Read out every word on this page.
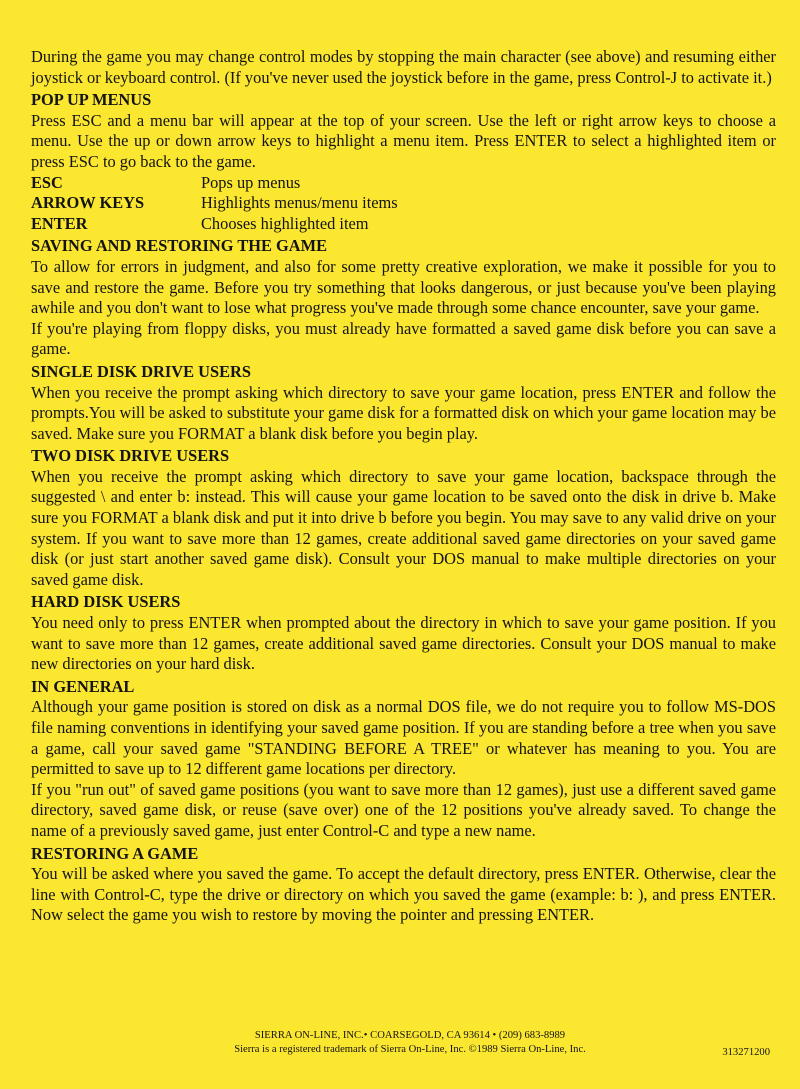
During the game you may change control modes by stopping the main character (see above) and resuming either joystick or keyboard control. (If you've never used the joystick before in the game, press Control-J to activate it.)

POP UP MENUS

Press ESC and a menu bar will appear at the top of your screen. Use the left or right arrow keys to choose a menu. Use the up or down arrow keys to highlight a menu item. Press ENTER to select a highlighted item or press ESC to go back to the game.

ESC	Pops up menus
ARROW KEYS	Highlights menus/menu items
ENTER	Chooses highlighted item
SAVING AND RESTORING THE GAME

To allow for errors in judgment, and also for some pretty creative exploration, we make it possible for you to save and restore the game. Before you try something that looks dangerous, or just because you've been playing awhile and you don't want to lose what progress you've made through some chance encounter, save your game.

If you're playing from floppy disks, you must already have formatted a saved game disk before you can save a game.

SINGLE DISK DRIVE USERS

When you receive the prompt asking which directory to save your game location, press ENTER and follow the prompts.You will be asked to substitute your game disk for a formatted disk on which your game location may be saved. Make sure you FORMAT a blank disk before you begin play.

TWO DISK DRIVE USERS

When you receive the prompt asking which directory to save your game location, backspace through the suggested \ and enter b: instead. This will cause your game location to be saved onto the disk in drive b. Make sure you FORMAT a blank disk and put it into drive b before you begin. You may save to any valid drive on your system. If you want to save more than 12 games, create additional saved game directories on your saved game disk (or just start another saved game disk). Consult your DOS manual to make multiple directories on your saved game disk.

HARD DISK USERS

You need only to press ENTER when prompted about the directory in which to save your game position. If you want to save more than 12 games, create additional saved game directories. Consult your DOS manual to make new directories on your hard disk.

IN GENERAL

Although your game position is stored on disk as a normal DOS file, we do not require you to follow MS-DOS file naming conventions in identifying your saved game position. If you are standing before a tree when you save a game, call your saved game "STANDING BEFORE A TREE" or whatever has meaning to you. You are permitted to save up to 12 different game locations per directory.

If you "run out" of saved game positions (you want to save more than 12 games), just use a different saved game directory, saved game disk, or reuse (save over) one of the 12 positions you've already saved. To change the name of a previously saved game, just enter Control-C and type a new name.

RESTORING A GAME

You will be asked where you saved the game. To accept the default directory, press ENTER. Otherwise, clear the line with Control-C, type the drive or directory on which you saved the game (example: b: ), and press ENTER. Now select the game you wish to restore by moving the pointer and pressing ENTER.

SIERRA ON-LINE, INC.• COARSEGOLD, CA 93614 • (209) 683-8989
Sierra is a registered trademark of Sierra On-Line, Inc. ©1989 Sierra On-Line, Inc.	313271200
